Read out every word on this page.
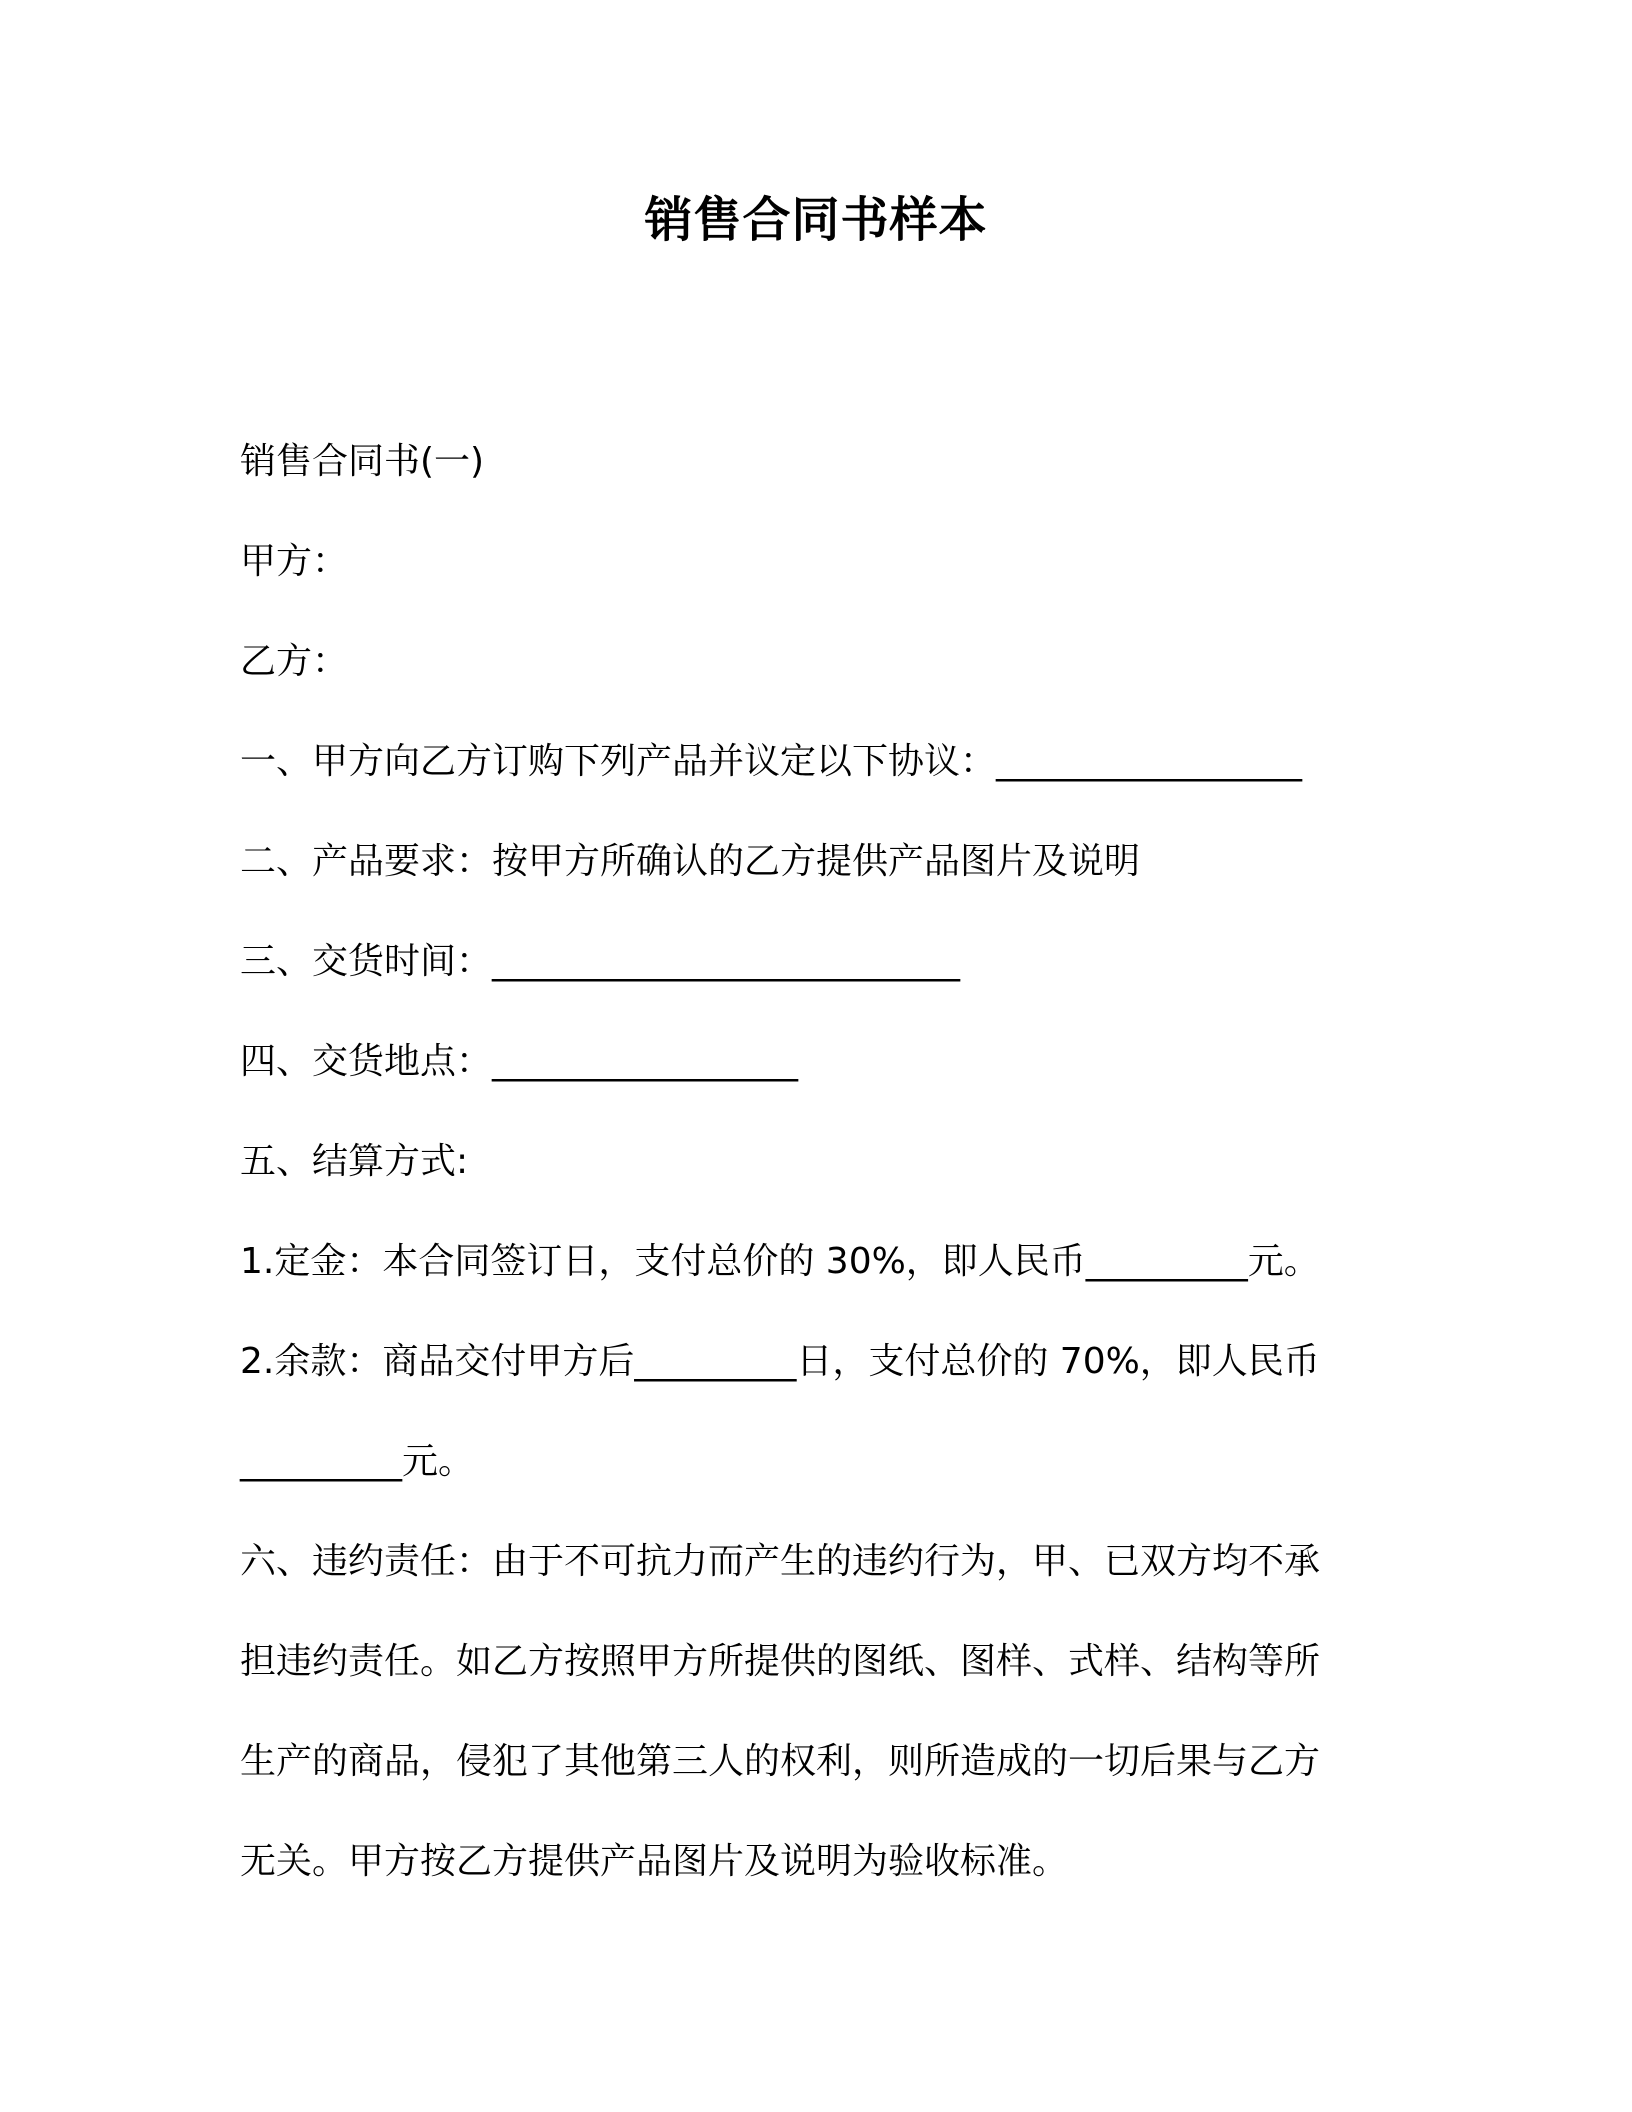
销售合同书样本
销售合同书(一)
甲方：
乙方：
一、甲方向乙方订购下列产品并议定以下协议：_________________
二、产品要求：按甲方所确认的乙方提供产品图片及说明
三、交货时间：__________________________
四、交货地点：_________________
五、结算方式:
1.定金：本合同签订日，支付总价的 30%，即人民币_________元。
2.余款：商品交付甲方后_________日，支付总价的 70%，即人民币
_________元。
六、违约责任：由于不可抗力而产生的违约行为，甲、已双方均不承
担违约责任。如乙方按照甲方所提供的图纸、图样、式样、结构等所
生产的商品，侵犯了其他第三人的权利，则所造成的一切后果与乙方
无关。甲方按乙方提供产品图片及说明为验收标准。
